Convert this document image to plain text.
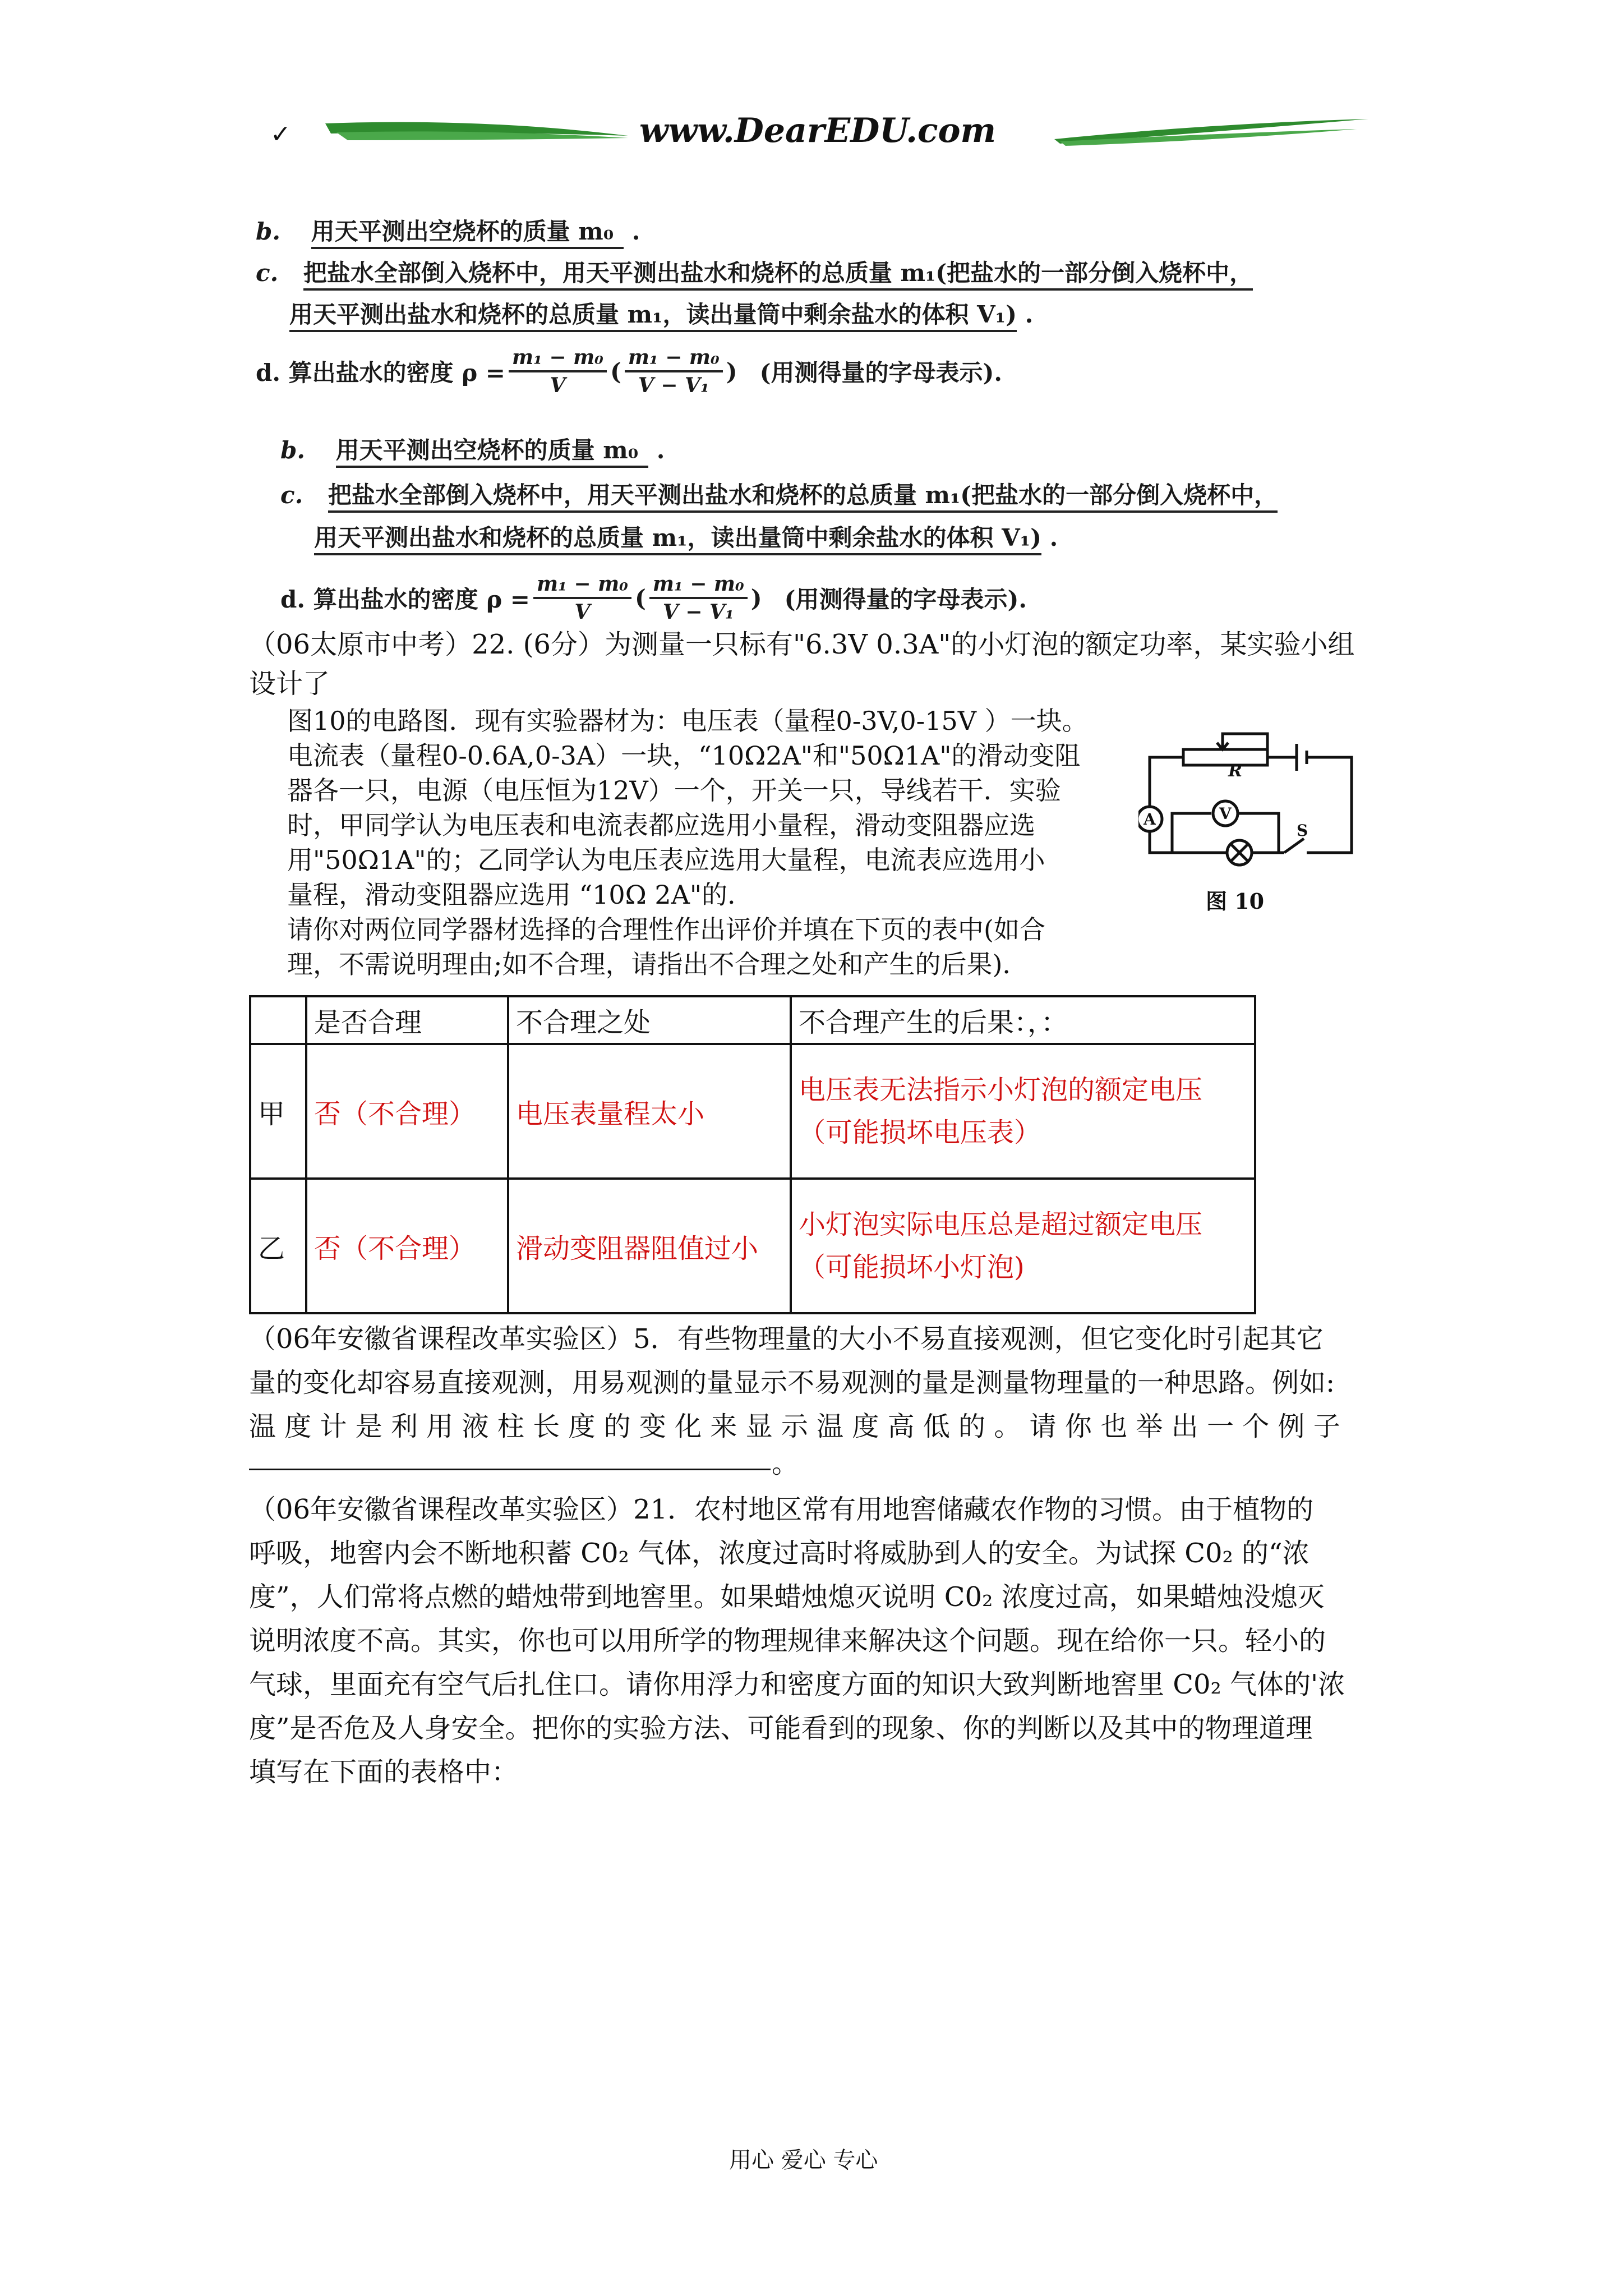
✓	www.DearEDU.com
b. 用天平测出空烧杯的质量 m₀ .
c. 把盐水全部倒入烧杯中，用天平测出盐水和烧杯的总质量 m₁(把盐水的一部分倒入烧杯中，
用天平测出盐水和烧杯的总质量 m₁，读出量筒中剩余盐水的体积 V₁) .
d. 算出盐水的密度 $\rho = \frac{\text{m₁ − m₀}}{V}$ ( $\frac{\text{m₁ − m₀}}{\text{V − V₁}}$ ) (用测得量的字母表示).
b. 用天平测出空烧杯的质量 m₀ .
c. 把盐水全部倒入烧杯中，用天平测出盐水和烧杯的总质量 m₁(把盐水的一部分倒入烧杯中，
用天平测出盐水和烧杯的总质量 m₁，读出量筒中剩余盐水的体积 V₁) .
d. 算出盐水的密度 $\rho = \frac{\text{m₁ − m₀}}{V}$ ( $\frac{\text{m₁ − m₀}}{\text{V − V₁}}$ ) (用测得量的字母表示).
（06太原市中考）22. (6分）为测量一只标有"6.3V 0.3A"的小灯泡的额定功率，某实验小组
设计了
图10的电路图．现有实验器材为：电压表（量程0-3V,0-15V ）一块。
电流表（量程0-0.6A,0-3A）一块，“10Ω2A"和"50Ω1A"的滑动变阻
器各一只，电源（电压恒为12V）一个，开关一只，导线若干．实验
时，甲同学认为电压表和电流表都应选用小量程，滑动变阻器应选
用"50Ω1A"的；乙同学认为电压表应选用大量程，电流表应选用小
量程，滑动变阻器应选用 “10Ω 2A"的．
请你对两位同学器材选择的合理性作出评价并填在下页的表中(如合
理，不需说明理由;如不合理，请指出不合理之处和产生的后果)．
R
A	V
S
图 10
	是否合理	不合理之处	不合理产生的后果：，：
甲	否（不合理）	电压表量程太小	电压表无法指示小灯泡的额定电压
（可能损坏电压表）

乙	否（不合理）	滑动变阻器阻值过小	小灯泡实际电压总是超过额定电压
（可能损坏小灯泡)
（06年安徽省课程改革实验区）5．有些物理量的大小不易直接观测，但它变化时引起其它
量的变化却容易直接观测，用易观测的量显示不易观测的量是测量物理量的一种思路。例如:
温 度 计 是 利 用 液 柱 长 度 的 变 化 来 显 示 温 度 高 低 的 。 请 你 也 举 出 一 个 例 子
。
（06年安徽省课程改革实验区）21．农村地区常有用地窖储藏农作物的习惯。由于植物的
呼吸，地窖内会不断地积蓄 C0₂ 气体，浓度过高时将威胁到人的安全。为试探 C0₂ 的“浓
度”，人们常将点燃的蜡烛带到地窖里。如果蜡烛熄灭说明 C0₂ 浓度过高，如果蜡烛没熄灭
说明浓度不高。其实，你也可以用所学的物理规律来解决这个问题。现在给你一只。轻小的
气球，里面充有空气后扎住口。请你用浮力和密度方面的知识大致判断地窖里 C0₂ 气体的'浓
度”是否危及人身安全。把你的实验方法、可能看到的现象、你的判断以及其中的物理道理
填写在下面的表格中：
用心 爱心 专心
